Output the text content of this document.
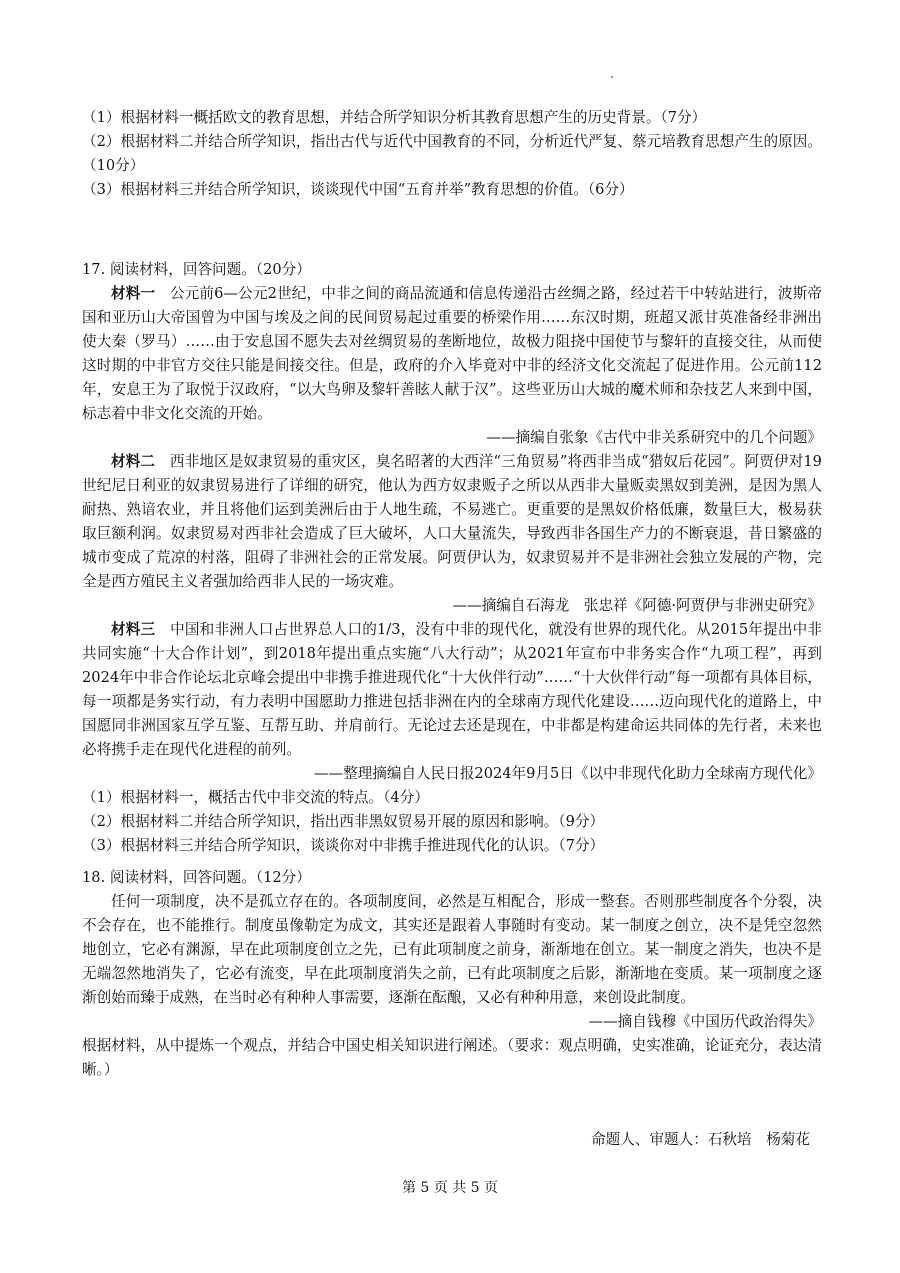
（1）根据材料一概括欧文的教育思想，并结合所学知识分析其教育思想产生的历史背景。（7分）

（2）根据材料二并结合所学知识，指出古代与近代中国教育的不同，分析近代严复、蔡元培教育思想产生的原因。（10分）

（3）根据材料三并结合所学知识，谈谈现代中国“五育并举”教育思想的价值。（6分）

17. 阅读材料，回答问题。（20分）

材料一　 公元前6—公元2世纪，中非之间的商品流通和信息传递沿古丝绸之路，经过若干中转站进行，波斯帝国和亚历山大帝国曾为中国与埃及之间的民间贸易起过重要的桥梁作用……东汉时期，班超又派甘英准备经非洲出使大秦（罗马）……由于安息国不愿失去对丝绸贸易的垄断地位，故极力阻挠中国使节与黎轩的直接交往，从而使这时期的中非官方交往只能是间接交往。但是，政府的介入毕竟对中非的经济文化交流起了促进作用。公元前112年，安息王为了取悦于汉政府，“以大鸟卵及黎轩善眩人献于汉”。这些亚历山大城的魔术师和杂技艺人来到中国，标志着中非文化交流的开始。

——摘编自张象《古代中非关系研究中的几个问题》

材料二　 西非地区是奴隶贸易的重灾区，臭名昭著的大西洋“三角贸易”将西非当成“猎奴后花园”。阿贾伊对19世纪尼日利亚的奴隶贸易进行了详细的研究，他认为西方奴隶贩子之所以从西非大量贩卖黑奴到美洲，是因为黑人耐热、熟谙农业，并且将他们运到美洲后由于人地生疏，不易逃亡。更重要的是黑奴价格低廉，数量巨大，极易获取巨额利润。奴隶贸易对西非社会造成了巨大破坏，人口大量流失，导致西非各国生产力的不断衰退，昔日繁盛的城市变成了荒凉的村落，阻碍了非洲社会的正常发展。阿贾伊认为，奴隶贸易并不是非洲社会独立发展的产物，完全是西方殖民主义者强加给西非人民的一场灾难。

——摘编自石海龙　张忠祥《阿德·阿贾伊与非洲史研究》

材料三　 中国和非洲人口占世界总人口的1/3，没有中非的现代化，就没有世界的现代化。从2015年提出中非共同实施“十大合作计划”，到2018年提出重点实施“八大行动”；从2021年宣布中非务实合作“九项工程”，再到2024年中非合作论坛北京峰会提出中非携手推进现代化“十大伙伴行动”……“十大伙伴行动”每一项都有具体目标，每一项都是务实行动，有力表明中国愿助力推进包括非洲在内的全球南方现代化建设……迈向现代化的道路上，中国愿同非洲国家互学互鉴、互帮互助、并肩前行。无论过去还是现在，中非都是构建命运共同体的先行者，未来也必将携手走在现代化进程的前列。

——整理摘编自人民日报2024年9月5日《以中非现代化助力全球南方现代化》

（1）根据材料一，概括古代中非交流的特点。（4分）

（2）根据材料二并结合所学知识，指出西非黑奴贸易开展的原因和影响。（9分）

（3）根据材料三并结合所学知识，谈谈你对中非携手推进现代化的认识。（7分）

18. 阅读材料，回答问题。（12分）

任何一项制度，决不是孤立存在的。各项制度间，必然是互相配合，形成一整套。否则那些制度各个分裂，决不会存在，也不能推行。制度虽像勒定为成文，其实还是跟着人事随时有变动。某一制度之创立，决不是凭空忽然地创立，它必有渊源，早在此项制度创立之先，已有此项制度之前身，渐渐地在创立。某一制度之消失，也决不是无端忽然地消失了，它必有流变，早在此项制度消失之前，已有此项制度之后影，渐渐地在变质。某一项制度之逐渐创始而臻于成熟，在当时必有种种人事需要，逐渐在酝酿，又必有种种用意，来创设此制度。

——摘自钱穆《中国历代政治得失》

根据材料，从中提炼一个观点，并结合中国史相关知识进行阐述。（要求：观点明确，史实准确，论证充分，表达清晰。）

命题人、审题人：石秋培　杨菊花
第 5 页 共 5 页
